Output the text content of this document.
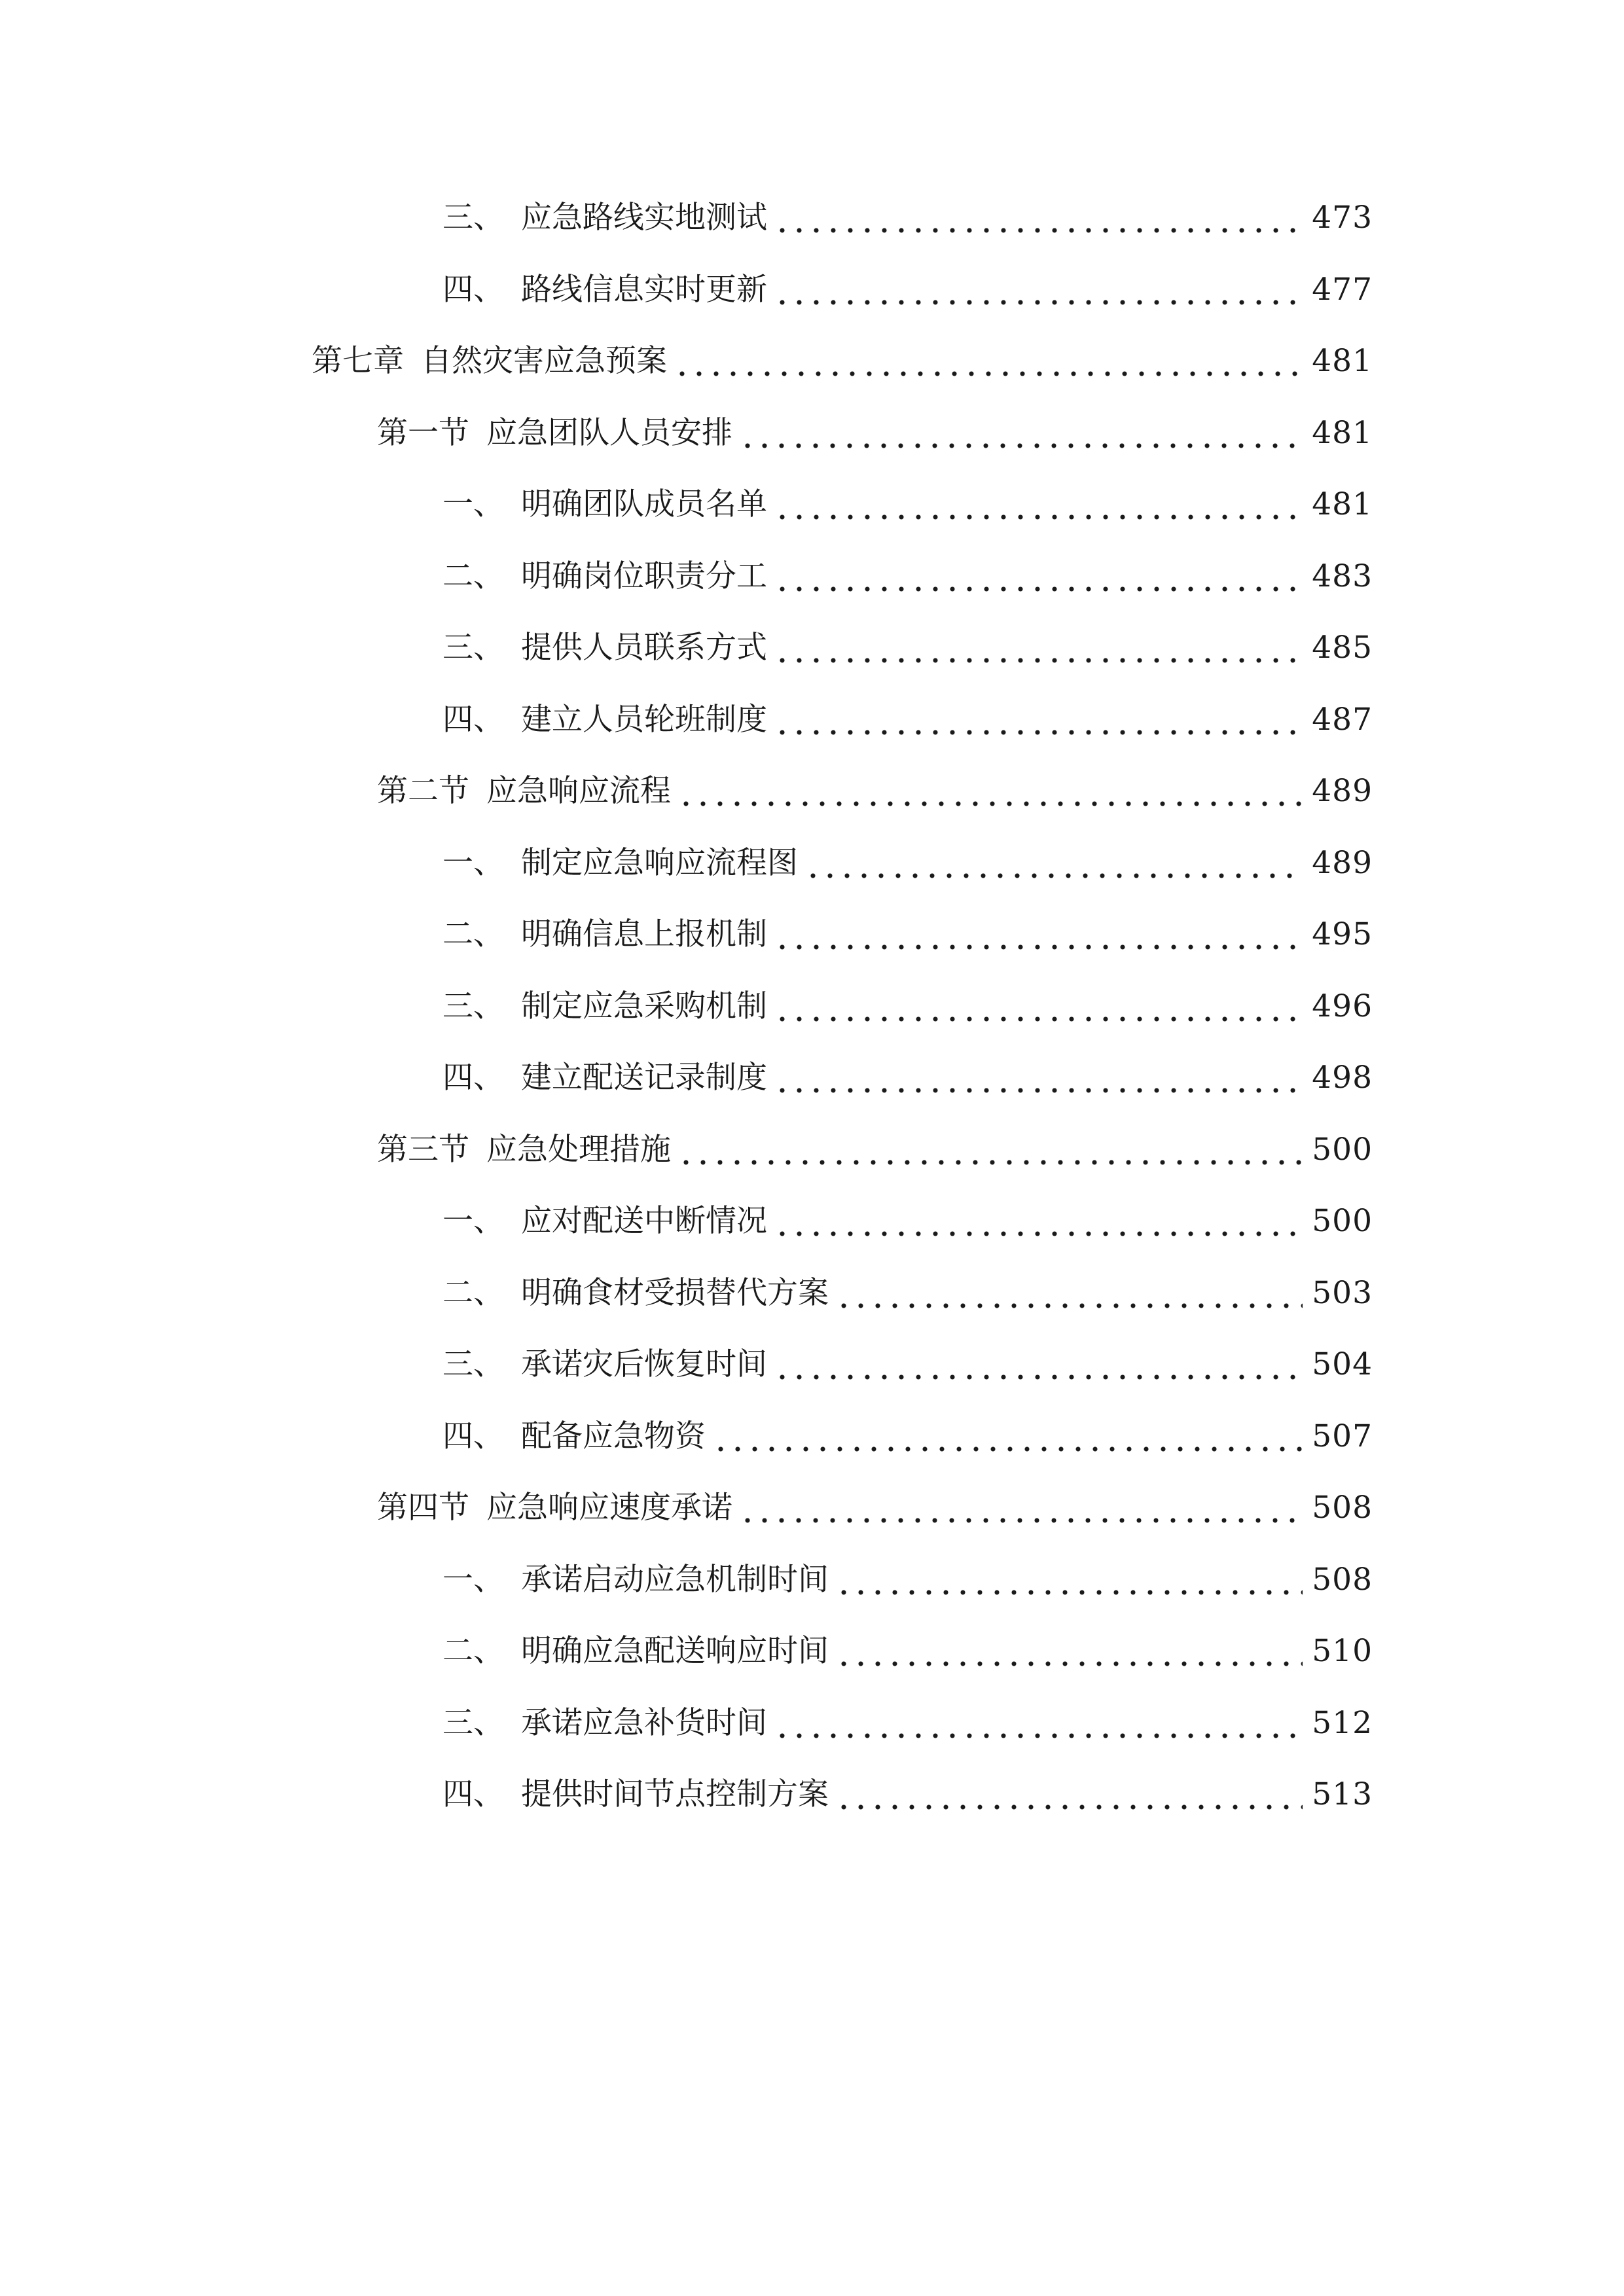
三、 应急路线实地测试	473
四、 路线信息实时更新	477
第七章 自然灾害应急预案	481
第一节 应急团队人员安排	481
一、 明确团队成员名单	481
二、 明确岗位职责分工	483
三、 提供人员联系方式	485
四、 建立人员轮班制度	487
第二节 应急响应流程	489
一、 制定应急响应流程图	489
二、 明确信息上报机制	495
三、 制定应急采购机制	496
四、 建立配送记录制度	498
第三节 应急处理措施	500
一、 应对配送中断情况	500
二、 明确食材受损替代方案	503
三、 承诺灾后恢复时间	504
四、 配备应急物资	507
第四节 应急响应速度承诺	508
一、 承诺启动应急机制时间	508
二、 明确应急配送响应时间	510
三、 承诺应急补货时间	512
四、 提供时间节点控制方案	513
